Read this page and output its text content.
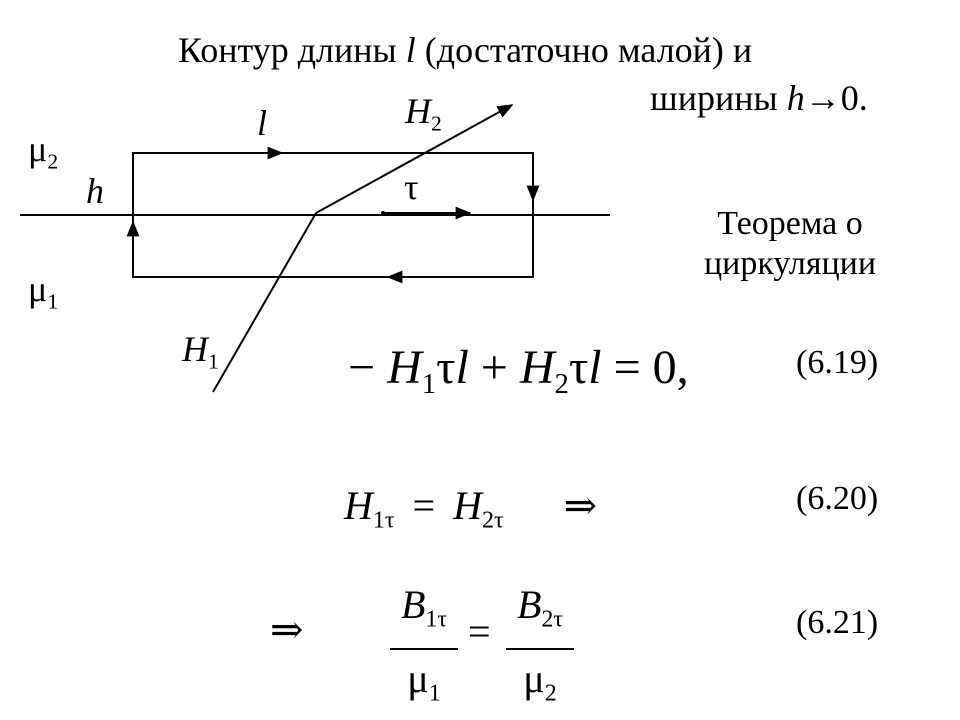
Контур длины l (достаточно малой) и
ширины h→0.
l
h	τ
$H_2$
$H_1$
$\mu_2$
$\mu_1$
Теорема о
циркуляции
− $H_1\tau l + H_2\tau l = 0$,	(6.19)
$H_{1\tau} = H_{2\tau}$ ⇒	(6.20)
⇒
$B_{1\tau}$
$\mu_1$
=
$B_{2\tau}$
$\mu_2$
(6.21)
